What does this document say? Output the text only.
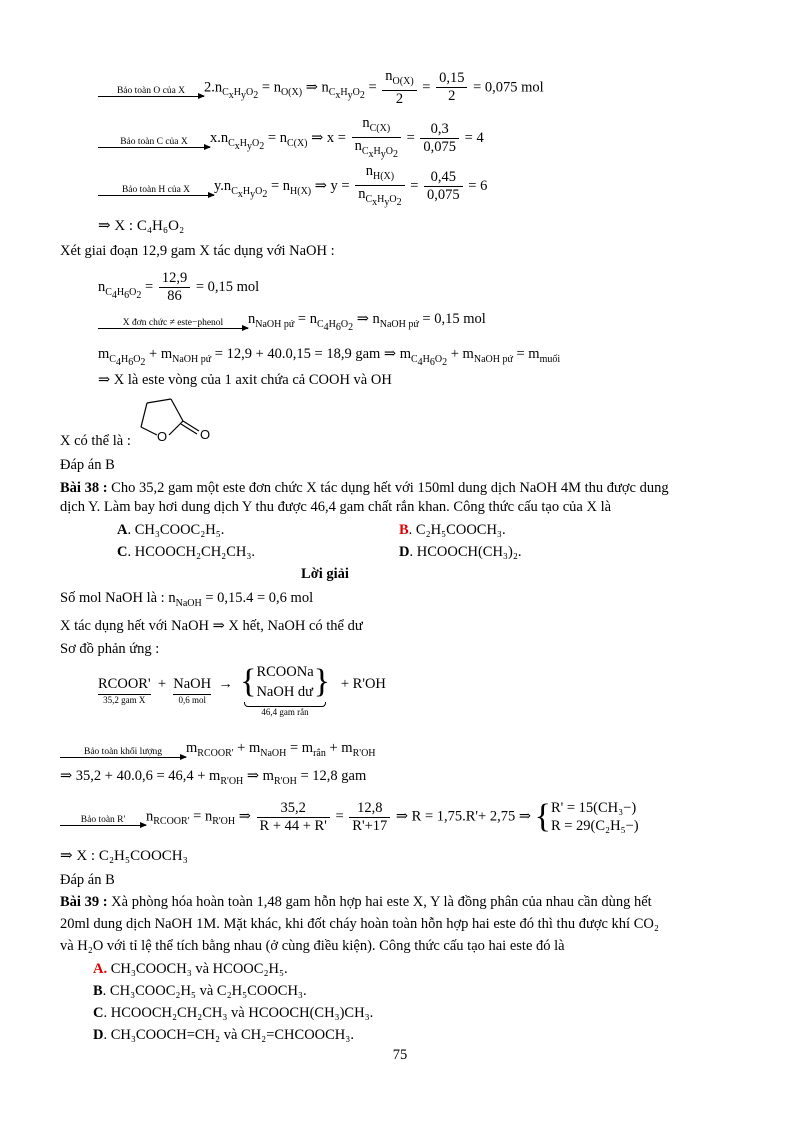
Bảo toàn O của X	$2.n_{C_xH_yO_2} = n_{O(X)}$ ⇒ $n_{C_xH_yO_2} = \frac{n_{O(X)}}{2} = \frac{0,15}{2} = 0,075$ mol
Bảo toàn C của X	$x.n_{C_xH_yO_2} = n_{C(X)}$ ⇒ $x = \frac{n_{C(X)}}{n_{C_xH_yO_2}} = \frac{0,3}{0,075} = 4$
Bảo toàn H của X	$y.n_{C_xH_yO_2} = n_{H(X)}$ ⇒ $y = \frac{n_{H(X)}}{n_{C_xH_yO_2}} = \frac{0,45}{0,075} = 6$
⇒ X : C₄H₆O₂
Xét giai đoạn 12,9 gam X tác dụng với NaOH :
$n_{C_4H_6O_2} = \frac{12,9}{86} = 0,15$ mol
X đơn chức ≠ este−phenol	$n_{NaOH pứ} = n_{C_4H_6O_2}$ ⇒ $n_{NaOH pứ} = 0,15$ mol
$m_{C_4H_6O_2} + m_{NaOH pứ} = 12,9 + 40.0,15 = 18,9$ gam ⇒ $m_{C_4H_6O_2} + m_{NaOH pứ} = m_{muối}$
⇒ X là este vòng của 1 axit chứa cả COOH và OH
O	O
X có thể là :
Đáp án B
Bài 38 : Cho 35,2 gam một este đơn chức X tác dụng hết với 150ml dung dịch NaOH 4M thu được dung
dịch Y. Làm bay hơi dung dịch Y thu được 46,4 gam chất rắn khan. Công thức cấu tạo của X là
A. CH₃COOC₂H₅.	B. C₂H₅COOCH₃.
C. HCOOCH₂CH₂CH₃.	D. HCOOCH(CH₃)₂.
Lời giải
Số mol NaOH là : $n_{NaOH} = 0,15.4 = 0,6$ mol
X tác dụng hết với NaOH ⇒ X hết, NaOH có thể dư
Sơ đồ phản ứng :
RCOOR'
35,2 gam X
+ NaOH
0,6 mol
→  { RCOONa
NaOH dư }
46,4 gam rắn
+ R'OH
Bảo toàn khối lượng	$m_{RCOOR'} + m_{NaOH} = m_{rắn} + m_{R'OH}$
⇒ $35,2 + 40.0,6 = 46,4 + m_{R'OH}$ ⇒ $m_{R'OH} = 12,8$ gam
Bảo toàn R'	$n_{RCOOR'} = n_{R'OH}$ ⇒ $\frac{35,2}{R + 44 + R'} = \frac{12,8}{R'+17}$ ⇒ R = 1,75.R'+ 2,75 ⇒ { R' = 15(CH₃−)
R = 29(C₂H₅−)
⇒ X : C₂H₅COOCH₃
Đáp án B
Bài 39 : Xà phòng hóa hoàn toàn 1,48 gam hỗn hợp hai este X, Y là đồng phân của nhau cần dùng hết
20ml dung dịch NaOH 1M. Mặt khác, khi đốt cháy hoàn toàn hỗn hợp hai este đó thì thu được khí CO₂
và H₂O với tỉ lệ thể tích bằng nhau (ở cùng điều kiện). Công thức cấu tạo hai este đó là
A. CH₃COOCH₃ và HCOOC₂H₅.
B. CH₃COOC₂H₅ và C₂H₅COOCH₃.
C. HCOOCH₂CH₂CH₃ và HCOOCH(CH₃)CH₃.
D. CH₃COOCH=CH₂ và CH₂=CHCOOCH₃.
75
